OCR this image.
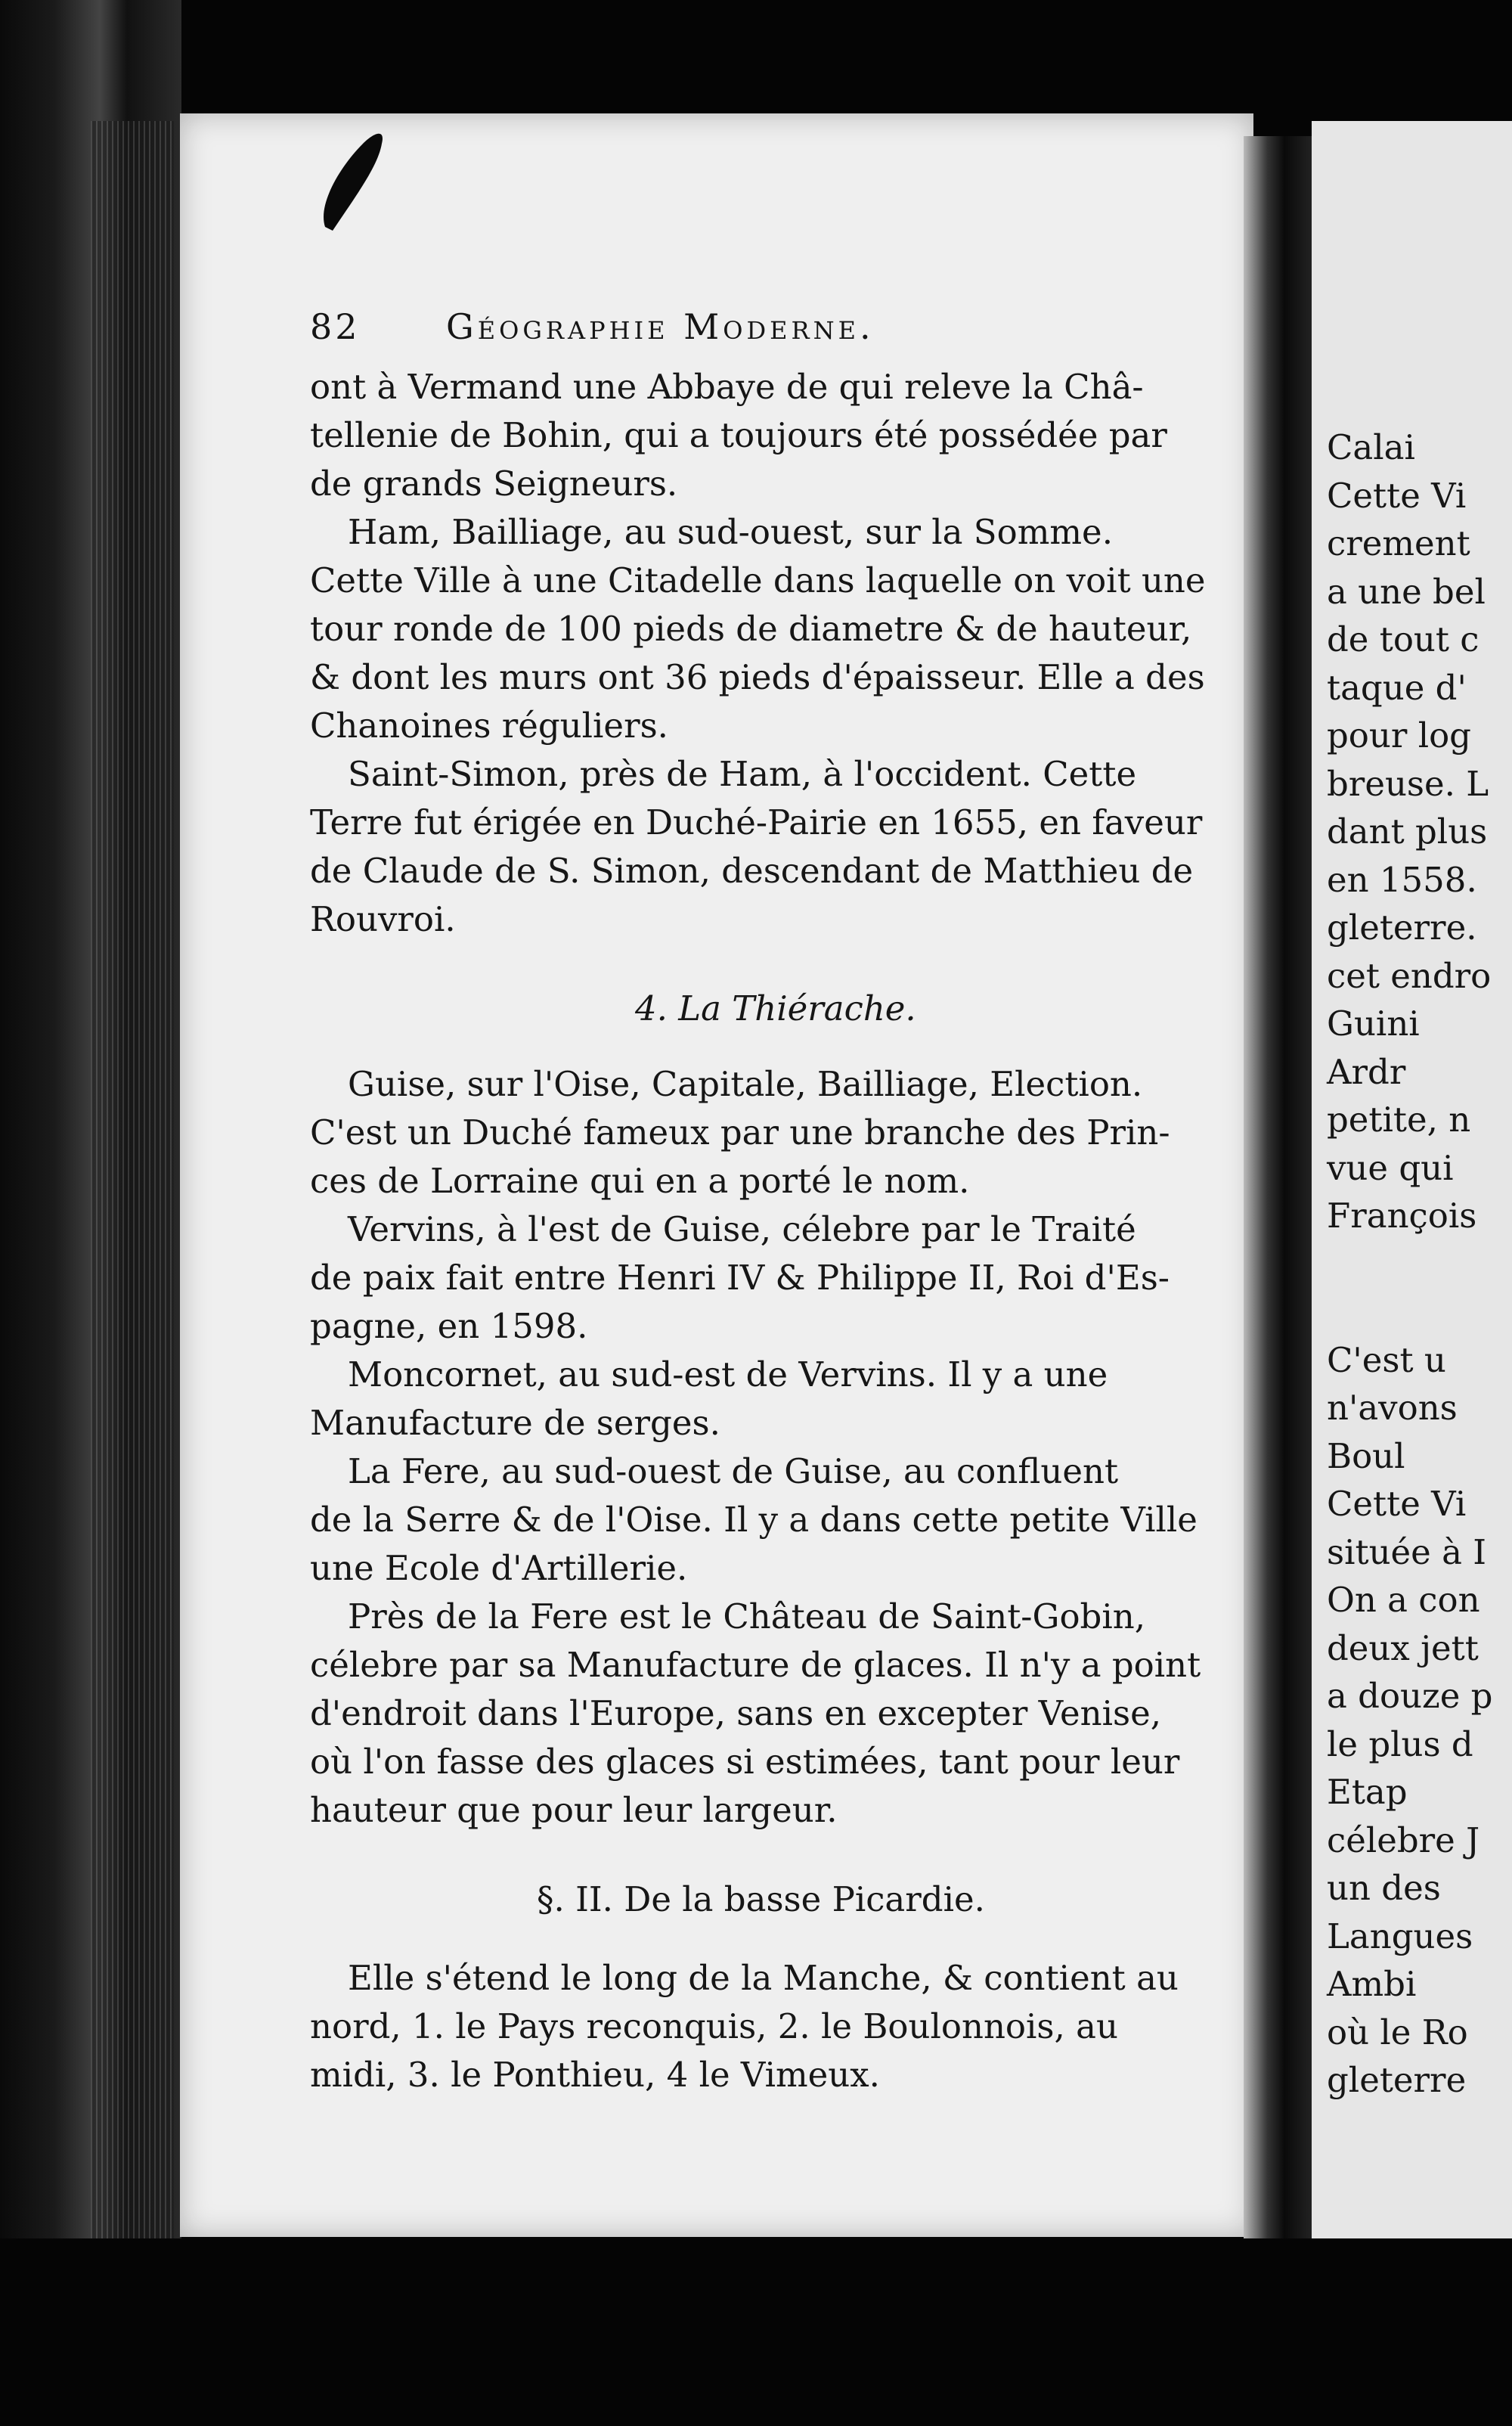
Calai
Cette Vi
crement
a une bel
de tout c
taque d'
pour log
breuse. L
dant plus
en 1558.
gleterre.
cet endro
Guini
Ardr
petite, n
vue qui
François

C'est u
n'avons
Boul
Cette Vi
située à I
On a con
deux jett
a douze p
le plus d
Etap
célebre J
un des
Langues
Ambi
où le Ro
gleterre
82 Géographie Moderne.
ont à Vermand une Abbaye de qui releve la Châ-
tellenie de Bohin, qui a toujours été possédée par
de grands Seigneurs.
Ham, Bailliage, au sud-ouest, sur la Somme.
Cette Ville à une Citadelle dans laquelle on voit une
tour ronde de 100 pieds de diametre & de hauteur,
& dont les murs ont 36 pieds d'épaisseur. Elle a des
Chanoines réguliers.
Saint-Simon, près de Ham, à l'occident. Cette
Terre fut érigée en Duché-Pairie en 1655, en faveur
de Claude de S. Simon, descendant de Matthieu de
Rouvroi.
4. La Thiérache.
Guise, sur l'Oise, Capitale, Bailliage, Election.
C'est un Duché fameux par une branche des Prin-
ces de Lorraine qui en a porté le nom.
Vervins, à l'est de Guise, célebre par le Traité
de paix fait entre Henri IV & Philippe II, Roi d'Es-
pagne, en 1598.
Moncornet, au sud-est de Vervins. Il y a une
Manufacture de serges.
La Fere, au sud-ouest de Guise, au confluent
de la Serre & de l'Oise. Il y a dans cette petite Ville
une Ecole d'Artillerie.
Près de la Fere est le Château de Saint-Gobin,
célebre par sa Manufacture de glaces. Il n'y a point
d'endroit dans l'Europe, sans en excepter Venise,
où l'on fasse des glaces si estimées, tant pour leur
hauteur que pour leur largeur.
§. II. De la basse Picardie.
Elle s'étend le long de la Manche, & contient au
nord, 1. le Pays reconquis, 2. le Boulonnois, au
midi, 3. le Ponthieu, 4 le Vimeux.
